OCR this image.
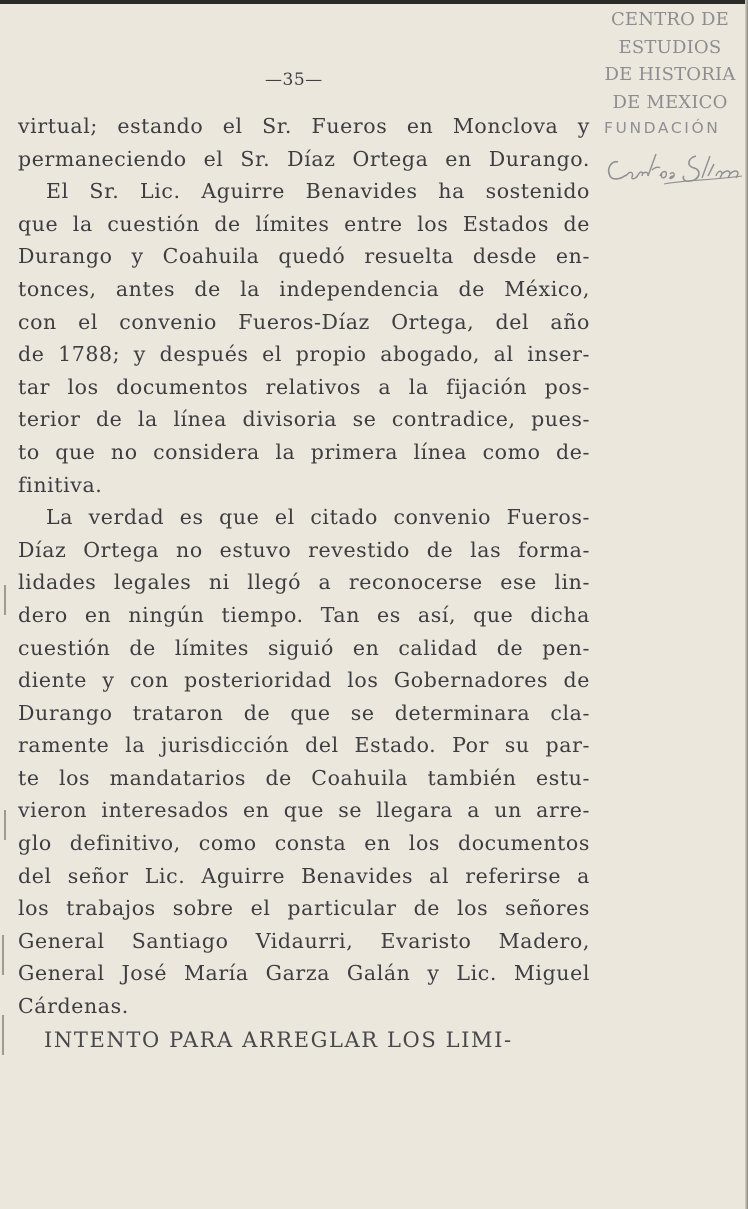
CENTRO DE
ESTUDIOS
DE HISTORIA
DE MEXICO
FUNDACIÓN
—35—
virtual; estando el Sr. Fueros en Monclova y
permaneciendo el Sr. Díaz Ortega en Durango.
El Sr. Lic. Aguirre Benavides ha sostenido
que la cuestión de límites entre los Estados de
Durango y Coahuila quedó resuelta desde en-
tonces, antes de la independencia de México,
con el convenio Fueros-Díaz Ortega, del año
de 1788; y después el propio abogado, al inser-
tar los documentos relativos a la fijación pos-
terior de la línea divisoria se contradice, pues-
to que no considera la primera línea como de-
finitiva.
La verdad es que el citado convenio Fueros-
Díaz Ortega no estuvo revestido de las forma-
lidades legales ni llegó a reconocerse ese lin-
dero en ningún tiempo. Tan es así, que dicha
cuestión de límites siguió en calidad de pen-
diente y con posterioridad los Gobernadores de
Durango trataron de que se determinara cla-
ramente la jurisdicción del Estado. Por su par-
te los mandatarios de Coahuila también estu-
vieron interesados en que se llegara a un arre-
glo definitivo, como consta en los documentos
del señor Lic. Aguirre Benavides al referirse a
los trabajos sobre el particular de los señores
General Santiago Vidaurri, Evaristo Madero,
General José María Garza Galán y Lic. Miguel
Cárdenas.
INTENTO PARA ARREGLAR LOS LIMI-
